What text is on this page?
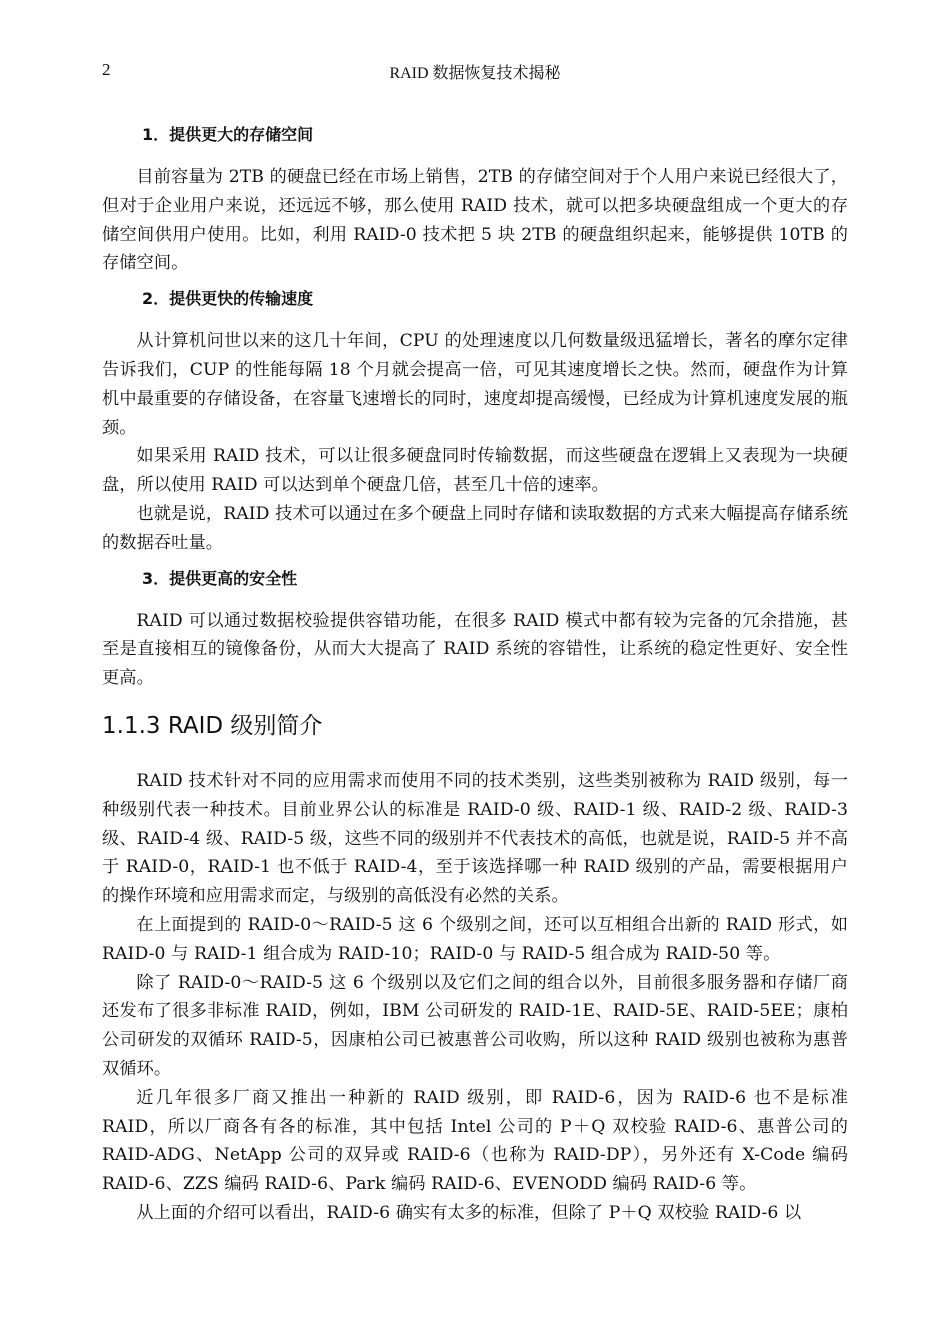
2	RAID 数据恢复技术揭秘
1．提供更大的存储空间

目前容量为 2TB 的硬盘已经在市场上销售，2TB 的存储空间对于个人用户来说已经很大了，但对于企业用户来说，还远远不够，那么使用 RAID 技术，就可以把多块硬盘组成一个更大的存储空间供用户使用。比如，利用 RAID-0 技术把 5 块 2TB 的硬盘组织起来，能够提供 10TB 的存储空间。

2．提供更快的传输速度

从计算机问世以来的这几十年间，CPU 的处理速度以几何数量级迅猛增长，著名的摩尔定律告诉我们，CUP 的性能每隔 18 个月就会提高一倍，可见其速度增长之快。然而，硬盘作为计算机中最重要的存储设备，在容量飞速增长的同时，速度却提高缓慢，已经成为计算机速度发展的瓶颈。

如果采用 RAID 技术，可以让很多硬盘同时传输数据，而这些硬盘在逻辑上又表现为一块硬盘，所以使用 RAID 可以达到单个硬盘几倍，甚至几十倍的速率。

也就是说，RAID 技术可以通过在多个硬盘上同时存储和读取数据的方式来大幅提高存储系统的数据吞吐量。

3．提供更高的安全性

RAID 可以通过数据校验提供容错功能，在很多 RAID 模式中都有较为完备的冗余措施，甚至是直接相互的镜像备份，从而大大提高了 RAID 系统的容错性，让系统的稳定性更好、安全性更高。

1.1.3 RAID 级别简介

RAID 技术针对不同的应用需求而使用不同的技术类别，这些类别被称为 RAID 级别，每一种级别代表一种技术。目前业界公认的标准是 RAID-0 级、RAID-1 级、RAID-2 级、RAID-3 级、RAID-4 级、RAID-5 级，这些不同的级别并不代表技术的高低，也就是说，RAID-5 并不高于 RAID-0，RAID-1 也不低于 RAID-4，至于该选择哪一种 RAID 级别的产品，需要根据用户的操作环境和应用需求而定，与级别的高低没有必然的关系。

在上面提到的 RAID-0～RAID-5 这 6 个级别之间，还可以互相组合出新的 RAID 形式，如 RAID-0 与 RAID-1 组合成为 RAID-10；RAID-0 与 RAID-5 组合成为 RAID-50 等。

除了 RAID-0～RAID-5 这 6 个级别以及它们之间的组合以外，目前很多服务器和存储厂商还发布了很多非标准 RAID，例如，IBM 公司研发的 RAID-1E、RAID-5E、RAID-5EE；康柏公司研发的双循环 RAID-5，因康柏公司已被惠普公司收购，所以这种 RAID 级别也被称为惠普双循环。

近几年很多厂商又推出一种新的 RAID 级别，即 RAID-6，因为 RAID-6 也不是标准 RAID，所以厂商各有各的标准，其中包括 Intel 公司的 P＋Q 双校验 RAID-6、惠普公司的 RAID-ADG、NetApp 公司的双异或 RAID-6（也称为 RAID-DP），另外还有 X-Code 编码 RAID-6、ZZS 编码 RAID-6、Park 编码 RAID-6、EVENODD 编码 RAID-6 等。

从上面的介绍可以看出，RAID-6 确实有太多的标准，但除了 P＋Q 双校验 RAID-6 以
